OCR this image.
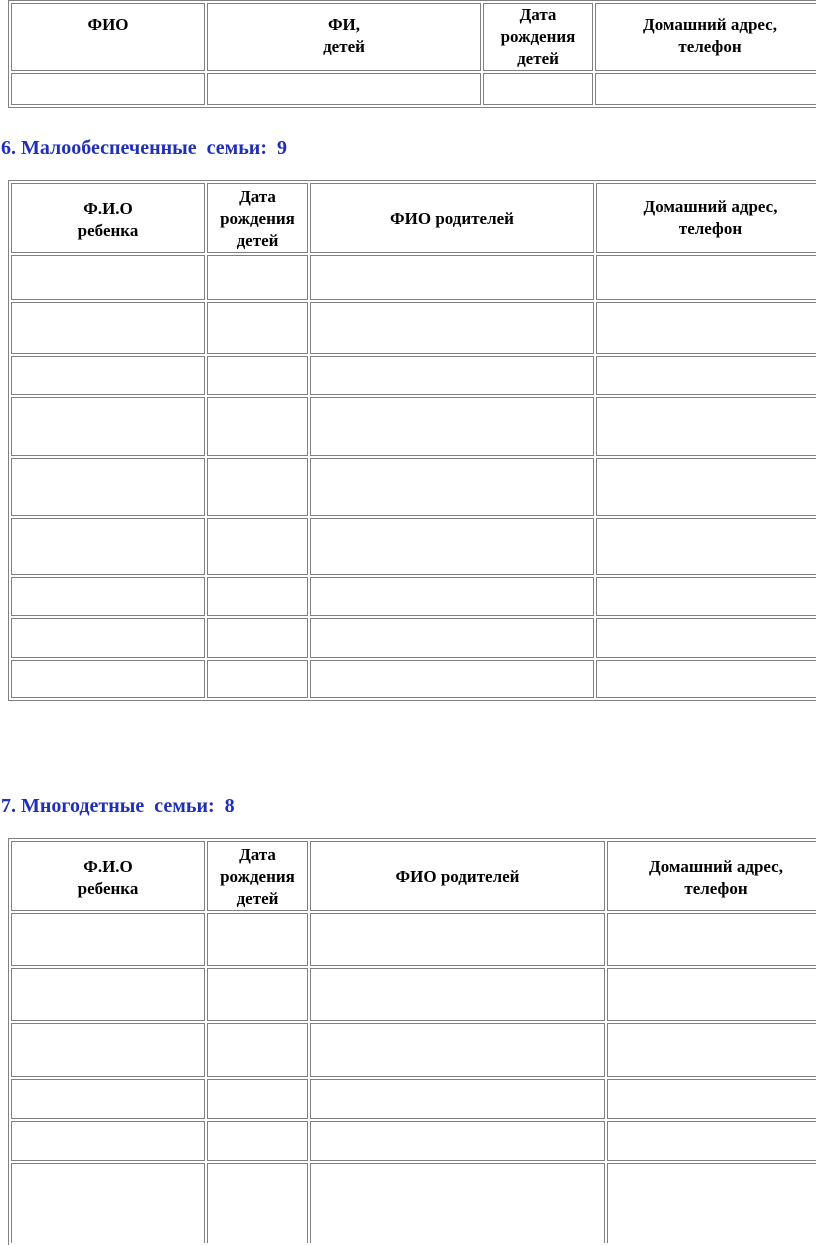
ФИО	ФИ,
детей	Дата
рождения
детей	Домашний адрес,
телефон

6. Малообеспеченные  семьи:  9
Ф.И.О
ребенка	Дата
рождения
детей	ФИО родителей	Домашний адрес,
телефон

7. Многодетные  семьи:  8
Ф.И.О
ребенка	Дата
рождения
детей	ФИО родителей	Домашний адрес,
телефон
